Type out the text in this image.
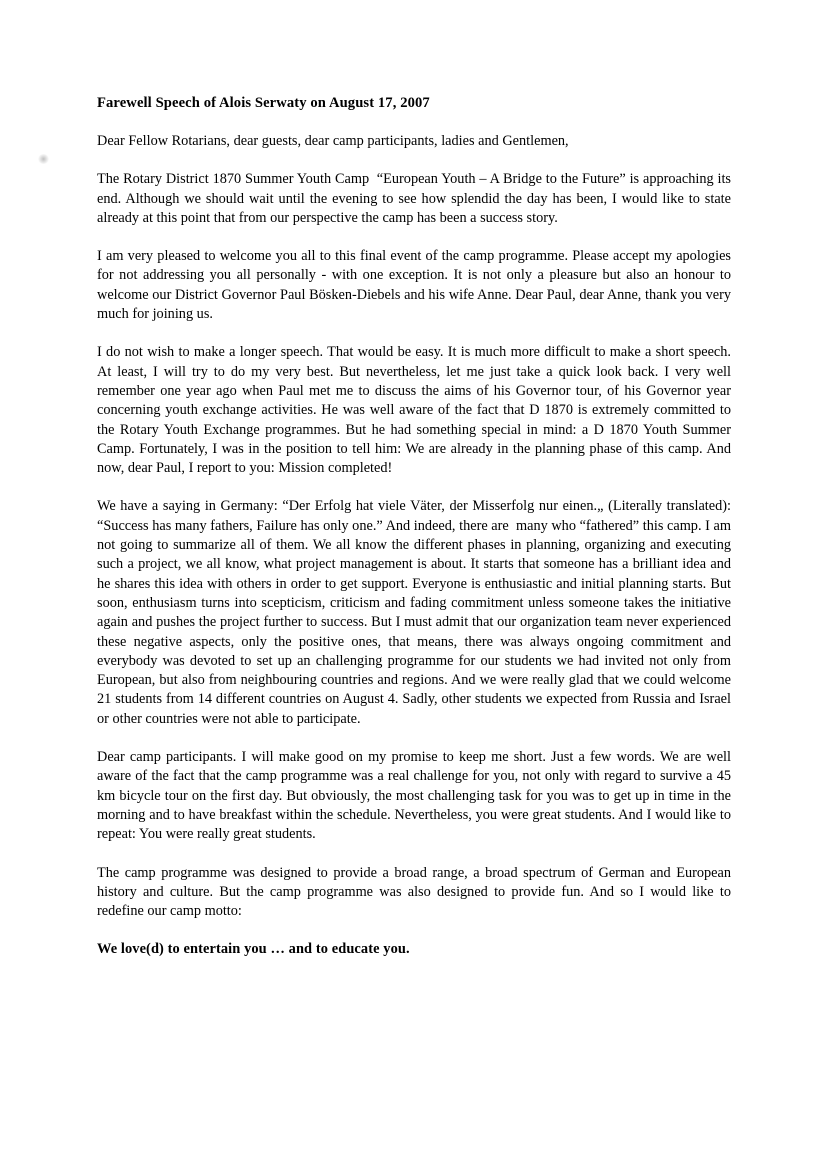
Farewell Speech of Alois Serwaty on August 17, 2007

Dear Fellow Rotarians, dear guests, dear camp participants, ladies and Gentlemen,

The Rotary District 1870 Summer Youth Camp  “European Youth – A Bridge to the Future” is approaching its end. Although we should wait until the evening to see how splendid the day has been, I would like to state already at this point that from our perspective the camp has been a success story.

I am very pleased to welcome you all to this final event of the camp programme. Please accept my apologies for not addressing you all personally - with one exception. It is not only a pleasure but also an honour to welcome our District Governor Paul Bösken-Diebels and his wife Anne. Dear Paul, dear Anne, thank you very much for joining us.

I do not wish to make a longer speech. That would be easy. It is much more difficult to make a short speech. At least, I will try to do my very best. But nevertheless, let me just take a quick look back. I very well remember one year ago when Paul met me to discuss the aims of his Governor tour, of his Governor year concerning youth exchange activities. He was well aware of the fact that D 1870 is extremely committed to the Rotary Youth Exchange programmes. But he had something special in mind: a D 1870 Youth Summer Camp. Fortunately, I was in the position to tell him: We are already in the planning phase of this camp. And now, dear Paul, I report to you: Mission completed!

We have a saying in Germany: “Der Erfolg hat viele Väter, der Misserfolg nur einen.„ (Literally translated):  “Success has many fathers, Failure has only one.” And indeed, there are  many who “fathered” this camp. I am not going to summarize all of them. We all know the different phases in planning, organizing and executing such a project, we all know, what project management is about. It starts that someone has a brilliant idea and he shares this idea with others in order to get support. Everyone is enthusiastic and initial planning starts. But soon, enthusiasm turns into scepticism, criticism and fading commitment unless someone takes the initiative again and pushes the project further to success. But I must admit that our organization team never experienced these negative aspects, only the positive ones, that means, there was always ongoing commitment and everybody was devoted to set up an challenging programme for our students we had invited not only from European, but also from neighbouring countries and regions. And we were really glad that we could welcome 21 students from 14 different countries on August 4. Sadly, other students we expected from Russia and Israel or other countries were not able to participate.

Dear camp participants. I will make good on my promise to keep me short. Just a few words. We are well aware of the fact that the camp programme was a real challenge for you, not only with regard to survive a 45 km bicycle tour on the first day. But obviously, the most challenging task for you was to get up in time in the morning and to have breakfast within the schedule. Nevertheless, you were great students. And I would like to repeat: You were really great students.

The camp programme was designed to provide a broad range, a broad spectrum of German and European history and culture. But the camp programme was also designed to provide fun. And so I would like to redefine our camp motto:

We love(d) to entertain you … and to educate you.
